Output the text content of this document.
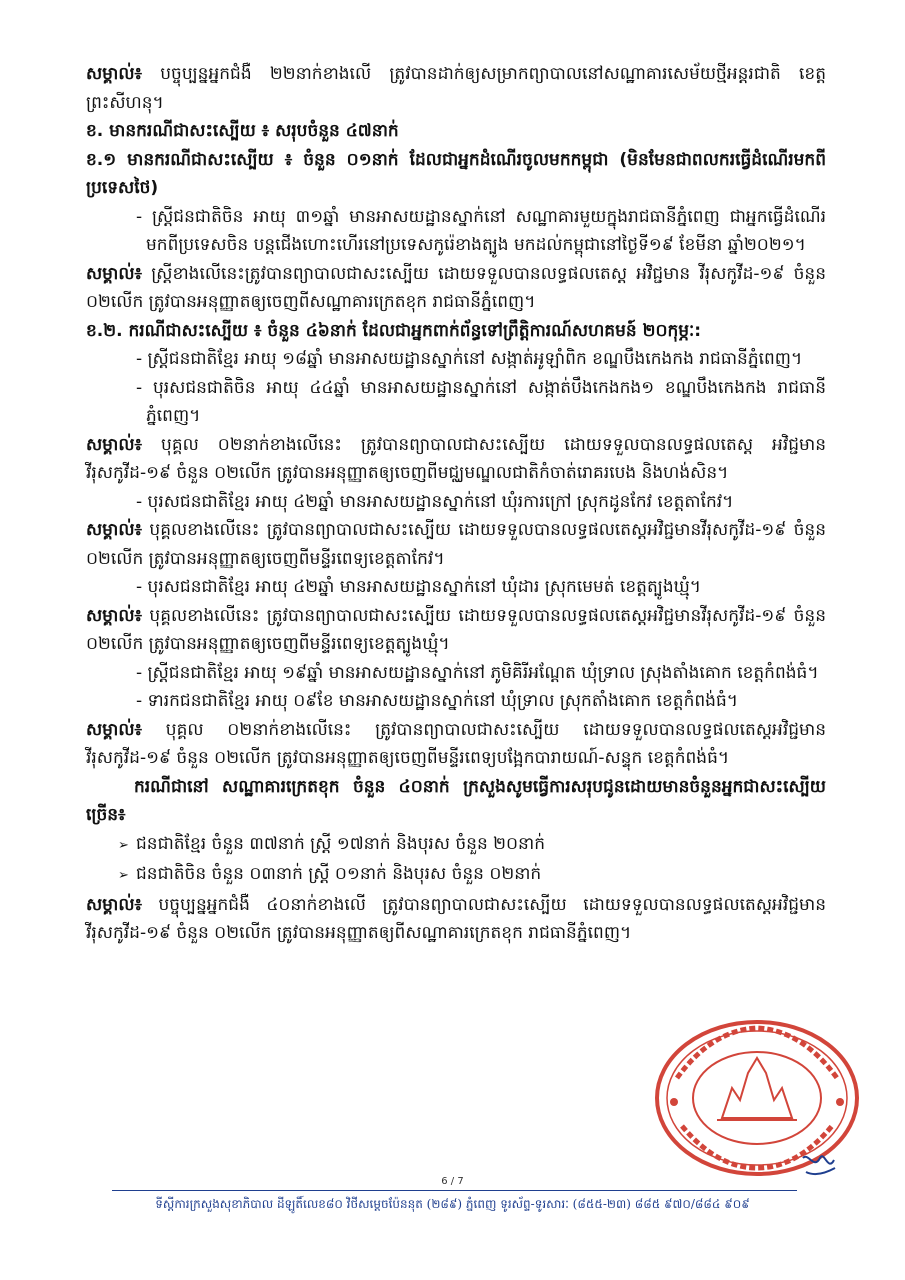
សម្គាល់៖ បច្ចុប្បន្នអ្នកជំងឺ ២២នាក់ខាងលើ ត្រូវបានដាក់ឲ្យសម្រាកព្យាបាលនៅសណ្ឋាគារសេម័យថ្មីអន្តរជាតិ ខេត្តព្រះសីហនុ។

ខ. មានករណីជាសះស្បើយ ៖ សរុបចំនួន ៤៧នាក់

ខ.១ មានករណីជាសះស្បើយ ៖ ចំនួន ០១នាក់ ដែលជាអ្នកដំណើរចូលមកកម្ពុជា (មិនមែនជាពលករធ្វើដំណើរមកពីប្រទេសថៃ)

- ស្ត្រីជនជាតិចិន អាយុ ៣១ឆ្នាំ មានអាសយដ្ឋានស្នាក់នៅ សណ្ឋាគារមួយក្នុងរាជធានីភ្នំពេញ ជាអ្នកធ្វើដំណើរមកពីប្រទេសចិន បន្តជើងហោះហើរនៅប្រទេសកូរ៉េខាងត្បូង មកដល់កម្ពុជានៅថ្ងៃទី១៩ ខែមីនា ឆ្នាំ២០២១។

សម្គាល់៖ ស្ត្រីខាងលើនេះត្រូវបានព្យាបាលជាសះស្បើយ ដោយទទួលបានលទ្ធផលតេស្ត អវិជ្ជមាន វីរុសកូវីដ-១៩ ចំនួន ០២លើក ត្រូវបានអនុញ្ញាតឲ្យចេញពីសណ្ឋាគារក្រេតខុក រាជធានីភ្នំពេញ។

ខ.២. ករណីជាសះស្បើយ ៖ ចំនួន ៤៦នាក់ ដែលជាអ្នកពាក់ព័ន្ធទៅព្រឹត្តិការណ៍សហគមន៍ ២០កុម្ភៈ:

- ស្ត្រីជនជាតិខ្មែរ អាយុ ១៨ឆ្នាំ មានអាសយដ្ឋានស្នាក់នៅ សង្កាត់អូឡាំពិក ខណ្ឌបឹងកេងកង រាជធានីភ្នំពេញ។

- បុរសជនជាតិចិន អាយុ ៤៤ឆ្នាំ មានអាសយដ្ឋានស្នាក់នៅ សង្កាត់បឹងកេងកង១ ខណ្ឌបឹងកេងកង រាជធានីភ្នំពេញ។

សម្គាល់៖ បុគ្គល ០២នាក់ខាងលើនេះ ត្រូវបានព្យាបាលជាសះស្បើយ ដោយទទួលបានលទ្ធផលតេស្ត អវិជ្ជមានវីរុសកូវីដ-១៩ ចំនួន ០២លើក ត្រូវបានអនុញ្ញាតឲ្យចេញពីមជ្ឈមណ្ឌលជាតិកំចាត់រោគរបេង និងហង់សិន។

- បុរសជនជាតិខ្មែរ អាយុ ៤២ឆ្នាំ មានអាសយដ្ឋានស្នាក់នៅ ឃុំរការក្រៅ ស្រុកដូនកែវ ខេត្តតាកែវ។

សម្គាល់៖ បុគ្គលខាងលើនេះ ត្រូវបានព្យាបាលជាសះស្បើយ ដោយទទួលបានលទ្ធផលតេស្តអវិជ្ជមានវីរុសកូវីដ-១៩ ចំនួន ០២លើក ត្រូវបានអនុញ្ញាតឲ្យចេញពីមន្ទីរពេទ្យខេត្តតាកែវ។

- បុរសជនជាតិខ្មែរ អាយុ ៤២ឆ្នាំ មានអាសយដ្ឋានស្នាក់នៅ ឃុំដារ ស្រុកមេមត់ ខេត្តត្បូងឃ្មុំ។

សម្គាល់៖ បុគ្គលខាងលើនេះ ត្រូវបានព្យាបាលជាសះស្បើយ ដោយទទួលបានលទ្ធផលតេស្តអវិជ្ជមានវីរុសកូវីដ-១៩ ចំនួន ០២លើក ត្រូវបានអនុញ្ញាតឲ្យចេញពីមន្ទីរពេទ្យខេត្តត្បូងឃ្មុំ។

- ស្ត្រីជនជាតិខ្មែរ អាយុ ១៩ឆ្នាំ មានអាសយដ្ឋានស្នាក់នៅ ភូមិគិរីអណ្តែត ឃុំទ្រាល ស្រុងតាំងគោក ខេត្តកំពង់ធំ។

- ទារកជនជាតិខ្មែរ អាយុ ០៩ខែ មានអាសយដ្ឋានស្នាក់នៅ ឃុំទ្រាល ស្រុកតាំងគោក ខេត្តកំពង់ធំ។

សម្គាល់៖ បុគ្គល ០២នាក់ខាងលើនេះ ត្រូវបានព្យាបាលជាសះស្បើយ ដោយទទួលបានលទ្ធផលតេស្តអវិជ្ជមានវីរុសកូវីដ-១៩ ចំនួន ០២លើក ត្រូវបានអនុញ្ញាតឲ្យចេញពីមន្ទីរពេទ្យបង្អែកបារាយណ៍-សន្ទុក ខេត្តកំពង់ធំ។

ករណីជានៅ សណ្ឋាគារក្រេតខុក ចំនួន ៤០នាក់ ក្រសួងសូមធ្វើការសរុបជូនដោយមានចំនួនអ្នកជាសះស្បើយច្រើន៖

➢ ជនជាតិខ្មែរ ចំនួន ៣៧នាក់ ស្ត្រី ១៧នាក់ និងបុរស ចំនួន ២០នាក់

➢ ជនជាតិចិន ចំនួន ០៣នាក់ ស្ត្រី ០១នាក់ និងបុរស ចំនួន ០២នាក់

សម្គាល់៖ បច្ចុប្បន្នអ្នកជំងឺ ៤០នាក់ខាងលើ ត្រូវបានព្យាបាលជាសះស្បើយ ដោយទទួលបានលទ្ធផលតេស្តអវិជ្ជមានវីរុសកូវីដ-១៩ ចំនួន ០២លើក ត្រូវបានអនុញ្ញាតឲ្យពីសណ្ឋាគារក្រេតខុក រាជធានីភ្នំពេញ។

6 / 7
ទីស្តីការក្រសួងសុខាភិបាល ដីឡូតិ៍លេខ៨០ វិថីសម្តេចប៉ែននុត (២៨៩) ភ្នំពេញ ទូរស័ព្ទ-ទូរសារៈ (៨៥៥-២៣) ៨៨៥ ៩៧០/៨៨៤ ៩០៩
